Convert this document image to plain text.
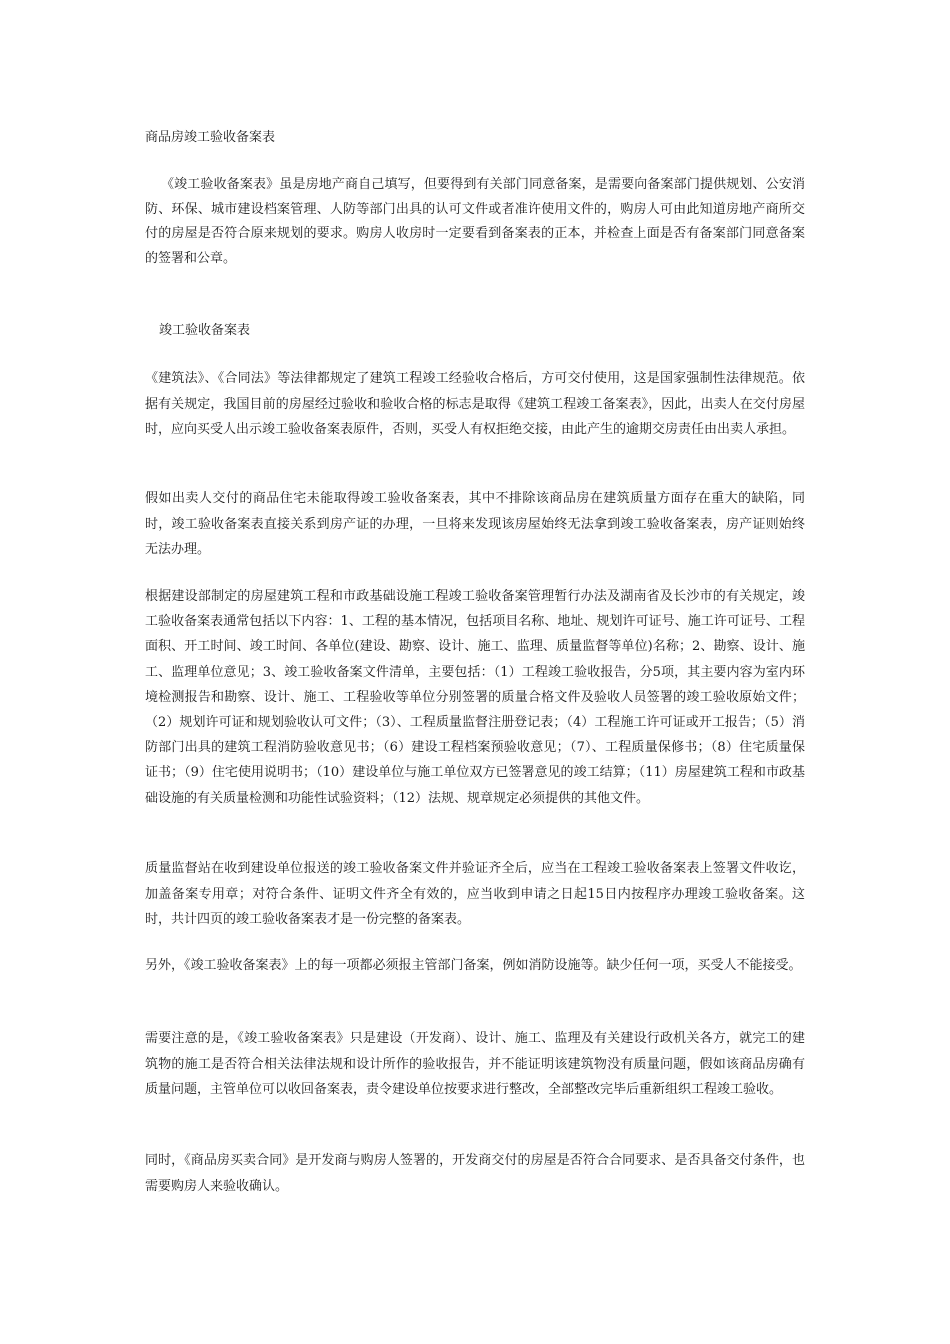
商品房竣工验收备案表

《竣工验收备案表》虽是房地产商自己填写，但要得到有关部门同意备案，是需要向备案部门提供规划、公安消防、环保、城市建设档案管理、人防等部门出具的认可文件或者准许使用文件的，购房人可由此知道房地产商所交付的房屋是否符合原来规划的要求。购房人收房时一定要看到备案表的正本，并检查上面是否有备案部门同意备案的签署和公章。

竣工验收备案表

《建筑法》、《合同法》等法律都规定了建筑工程竣工经验收合格后，方可交付使用，这是国家强制性法律规范。依据有关规定，我国目前的房屋经过验收和验收合格的标志是取得《建筑工程竣工备案表》，因此，出卖人在交付房屋时，应向买受人出示竣工验收备案表原件，否则，买受人有权拒绝交接，由此产生的逾期交房责任由出卖人承担。

假如出卖人交付的商品住宅未能取得竣工验收备案表，其中不排除该商品房在建筑质量方面存在重大的缺陷，同时，竣工验收备案表直接关系到房产证的办理，一旦将来发现该房屋始终无法拿到竣工验收备案表，房产证则始终无法办理。

根据建设部制定的房屋建筑工程和市政基础设施工程竣工验收备案管理暂行办法及湖南省及长沙市的有关规定，竣工验收备案表通常包括以下内容：1、工程的基本情况，包括项目名称、地址、规划许可证号、施工许可证号、工程面积、开工时间、竣工时间、各单位(建设、勘察、设计、施工、监理、质量监督等单位)名称；2、勘察、设计、施工、监理单位意见；3、竣工验收备案文件清单，主要包括：（1）工程竣工验收报告，分5项，其主要内容为室内环境检测报告和勘察、设计、施工、工程验收等单位分别签署的质量合格文件及验收人员签署的竣工验收原始文件；（2）规划许可证和规划验收认可文件；（3）、工程质量监督注册登记表；（4）工程施工许可证或开工报告；（5）消防部门出具的建筑工程消防验收意见书；（6）建设工程档案预验收意见；（7）、工程质量保修书；（8）住宅质量保证书；（9）住宅使用说明书；（10）建设单位与施工单位双方已签署意见的竣工结算；（11）房屋建筑工程和市政基础设施的有关质量检测和功能性试验资料；（12）法规、规章规定必须提供的其他文件。

质量监督站在收到建设单位报送的竣工验收备案文件并验证齐全后，应当在工程竣工验收备案表上签署文件收讫，加盖备案专用章；对符合条件、证明文件齐全有效的，应当收到申请之日起15日内按程序办理竣工验收备案。这时，共计四页的竣工验收备案表才是一份完整的备案表。

另外，《竣工验收备案表》上的每一项都必须报主管部门备案，例如消防设施等。缺少任何一项，买受人不能接受。

需要注意的是，《竣工验收备案表》只是建设（开发商）、设计、施工、监理及有关建设行政机关各方，就完工的建筑物的施工是否符合相关法律法规和设计所作的验收报告，并不能证明该建筑物没有质量问题，假如该商品房确有质量问题，主管单位可以收回备案表，责令建设单位按要求进行整改，全部整改完毕后重新组织工程竣工验收。

同时，《商品房买卖合同》是开发商与购房人签署的，开发商交付的房屋是否符合合同要求、是否具备交付条件，也需要购房人来验收确认。
